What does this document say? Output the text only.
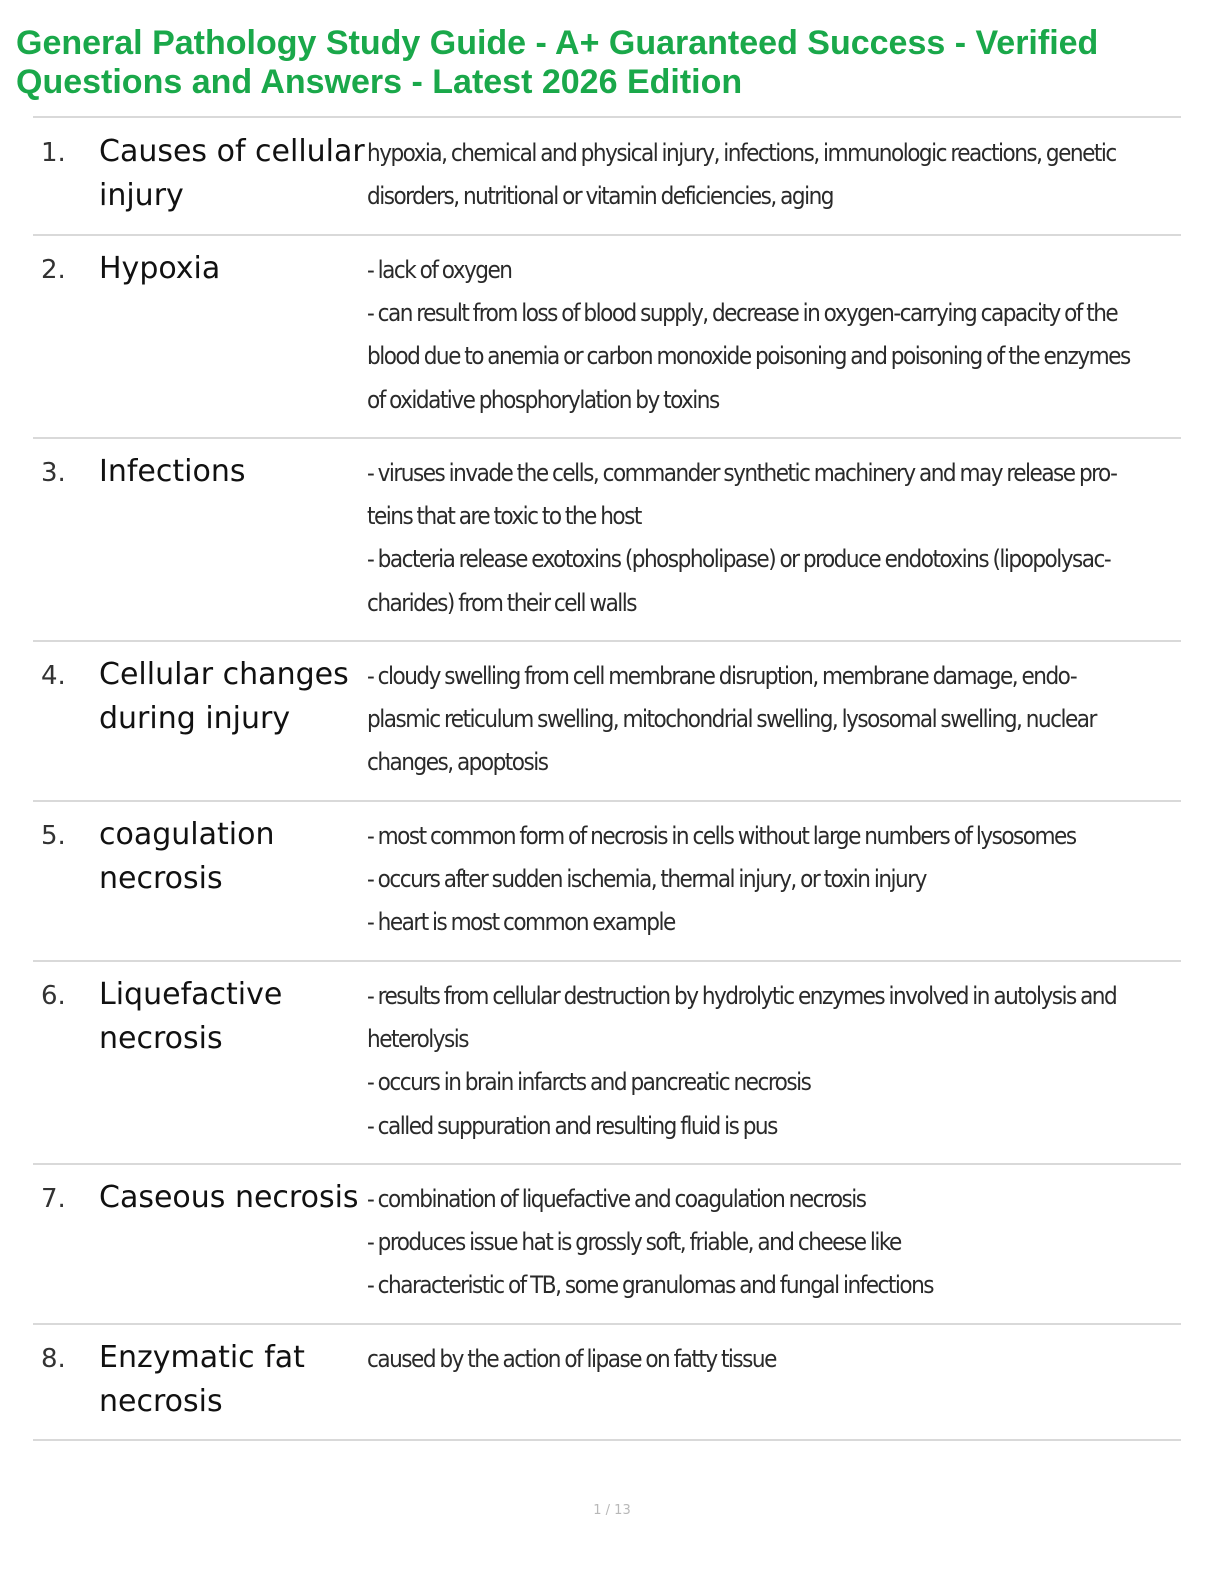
General Pathology Study Guide - A+ Guaranteed Success - Verified Questions and Answers - Latest 2026 Edition
1. Causes of cellular injury
hypoxia, chemical and physical injury, infections, immunologic reactions, genetic
disorders, nutritional or vitamin deficiencies, aging
2. Hypoxia	- lack of oxygen
- can result from loss of blood supply, decrease in oxygen-carrying capacity of the
blood due to anemia or carbon monoxide poisoning and poisoning of the enzymes
of oxidative phosphorylation by toxins
3. Infections	- viruses invade the cells, commander synthetic machinery and may release pro-
teins that are toxic to the host
- bacteria release exotoxins (phospholipase) or produce endotoxins (lipopolysac-
charides) from their cell walls
4. Cellular changes during injury
- cloudy swelling from cell membrane disruption, membrane damage, endo-
plasmic reticulum swelling, mitochondrial swelling, lysosomal swelling, nuclear
changes, apoptosis
5. coagulation necrosis
- most common form of necrosis in cells without large numbers of lysosomes
- occurs after sudden ischemia, thermal injury, or toxin injury
- heart is most common example
6. Liquefactive necrosis
- results from cellular destruction by hydrolytic enzymes involved in autolysis and
heterolysis
- occurs in brain infarcts and pancreatic necrosis
- called suppuration and resulting fluid is pus
7. Caseous necrosis - combination of liquefactive and coagulation necrosis
- produces issue hat is grossly soft, friable, and cheese like
- characteristic of TB, some granulomas and fungal infections
8. Enzymatic fat necrosis
caused by the action of lipase on fatty tissue
1 / 13
